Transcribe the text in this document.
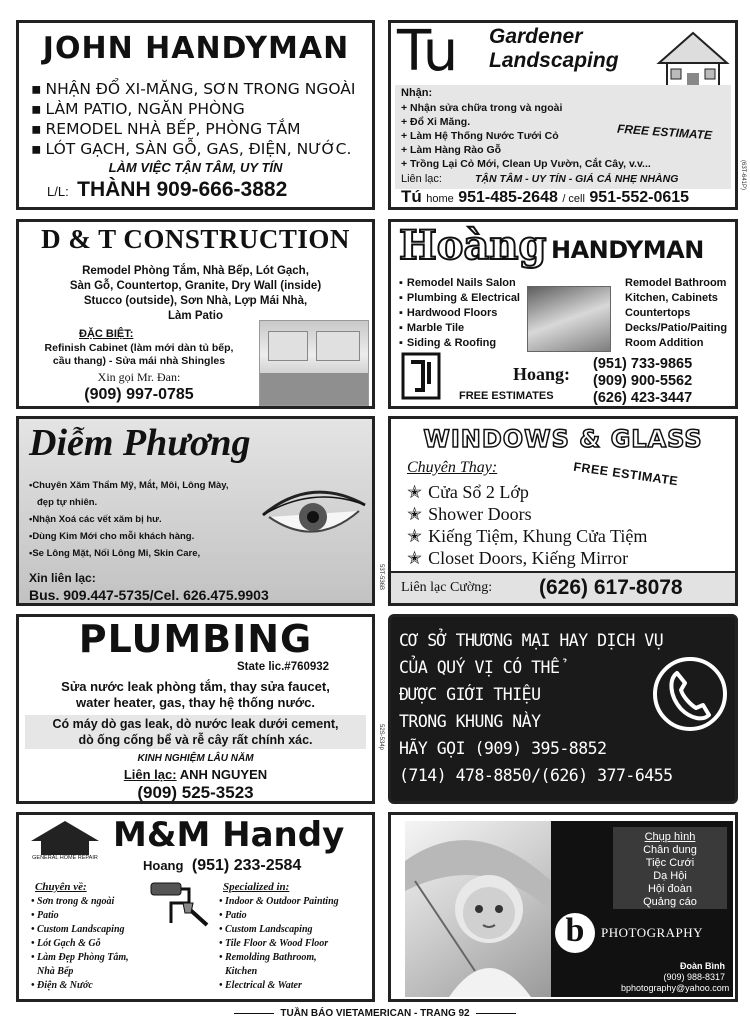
JOHN HANDYMAN
▪ NHẬN ĐỔ XI-MĂNG, SƠN TRONG NGOÀI
▪ LÀM PATIO, NGĂN PHÒNG
▪ REMODEL NHÀ BẾP, PHÒNG TẮM
▪ LÓT GẠCH, SÀN GỖ, GAS, ĐIỆN, NƯỚC.
LÀM VIỆC TẬN TÂM, UY TÍN
L/L: THÀNH 909-666-3882
Tu Gardener
Landscaping
Nhận:
+ Nhận sửa chữa trong và ngoài
+ Đổ Xi Măng.
+ Làm Hệ Thống Nước Tưới Cỏ
+ Làm Hàng Rào Gỗ
+ Trồng Lại Cỏ Mới, Clean Up Vườn, Cắt Cây, v.v...
FREE ESTIMATE
Liên lạc:	TẬN TÂM - UY TÍN - GIÁ CẢ NHẸ NHÀNG
Tú home 951-485-2648 / cell 951-552-0615
(63T-641P)
D & T CONSTRUCTION
Remodel Phòng Tắm, Nhà Bếp, Lót Gạch,
Sàn Gỗ, Countertop, Granite, Dry Wall (inside)
Stucco (outside), Sơn Nhà, Lợp Mái Nhà,
Làm Patio
ĐẶC BIỆT:
Refinish Cabinet (làm mới dàn tủ bếp,
cầu thang) - Sửa mái nhà Shingles
Xin gọi Mr. Đan:
(909) 997-0785
Hoàng HANDYMAN
▪ Remodel Nails Salon
▪ Plumbing & Electrical
▪ Hardwood Floors
▪ Marble Tile
▪ Siding & Roofing
Remodel Bathroom
Kitchen, Cabinets
Countertops
Decks/Patio/Paiting
Room Addition
Hoang: (951) 733-9865
(909) 900-5562
(626) 423-3447
FREE ESTIMATES
Diễm Phương
•Chuyên Xăm Thẩm Mỹ, Mắt, Môi, Lông Mày,
đẹp tự nhiên.
•Nhận Xoá các vết xăm bị hư.
•Dùng Kim Mới cho mỗi khách hàng.
•Se Lông Mặt, Nối Lông Mi, Skin Care,
Xin liên lạc:
Bus. 909.447-5735/Cel. 626.475.9903
53T-536B
WINDOWS & GLASS
Chuyên Thay:	FREE ESTIMATE
✭ Cửa Sổ 2 Lớp
✭ Shower Doors
✭ Kiếng Tiệm, Khung Cửa Tiệm
✭ Closet Doors, Kiếng Mirror
Liên lạc Cường: (626) 617-8078
PLUMBING
State lic.#760932
Sửa nước leak phòng tắm, thay sửa faucet,
water heater, gas, thay hệ thống nước.
Có máy dò gas leak, dò nước leak dưới cement,
dò ống cống bể và rễ cây rất chính xác.
KINH NGHIỆM LÂU NĂM
Liên lạc: ANH NGUYEN
(909) 525-3523
52S-534p
CƠ SỞ THƯƠNG MẠI HAY DỊCH VỤ
CỦA QUÝ VỊ CÓ THỂ
ĐƯỢC GIỚI THIỆU
TRONG KHUNG NÀY
HÃY GỌI (909) 395-8852
(714) 478-8850/(626) 377-6455
GENERAL HOME REPAIR
M&M Handy
Hoang (951) 233-2584
Chuyên về:
• Sơn trong & ngoài
• Patio
• Custom Landscaping
• Lót Gạch & Gỗ
• Làm Đẹp Phòng Tắm,
Nhà Bếp
• Điện & Nước
Specialized in:
• Indoor & Outdoor Painting
• Patio
• Custom Landscaping
• Tile Floor & Wood Floor
• Remolding Bathroom,
Kitchen
• Electrical & Water
Chụp hình
Chân dung
Tiệc Cưới
Dạ Hội
Hội đoàn
Quảng cáo
b	PHOTOGRAPHY
Đoàn Bình
(909) 988-8317
bphotography@yahoo.com
TUẦN BÁO VIETAMERICAN - TRANG 92
